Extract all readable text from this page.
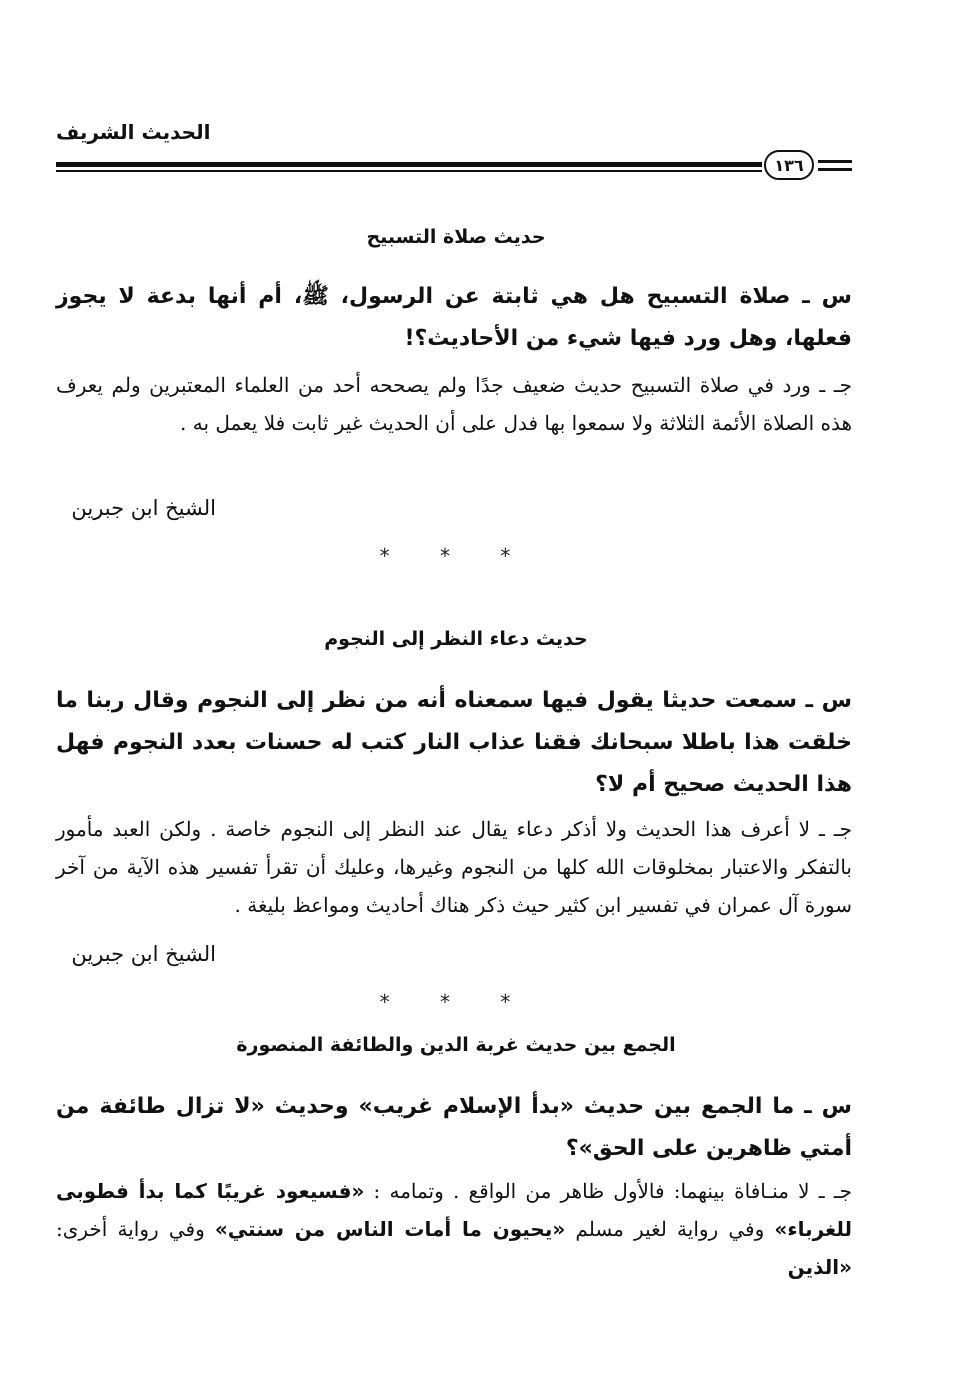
الحديث الشريف
١٣٦
حديث صلاة التسبيح
س ـ صلاة التسبيح هل هي ثابتة عن الرسول، ﷺ، أم أنها بدعة لا يجوز فعلها، وهل ورد فيها شيء من الأحاديث؟!
جـ ـ ورد في صلاة التسبيح حديث ضعيف جدًا ولم يصححه أحد من العلماء المعتبرين ولم يعرف هذه الصلاة الأئمة الثلاثة ولا سمعوا بها فدل على أن الحديث غير ثابت فلا يعمل به .
الشيخ ابن جبرين
* * *
حديث دعاء النظر إلى النجوم
س ـ سمعت حديثا يقول فيها سمعناه أنه من نظر إلى النجوم وقال ربنا ما خلقت هذا باطلا سبحانك فقنا عذاب النار كتب له حسنات بعدد النجوم فهل هذا الحديث صحيح أم لا؟
جـ ـ لا أعرف هذا الحديث ولا أذكر دعاء يقال عند النظر إلى النجوم خاصة . ولكن العبد مأمور بالتفكر والاعتبار بمخلوقات الله كلها من النجوم وغيرها، وعليك أن تقرأ تفسير هذه الآية من آخر سورة آل عمران في تفسير ابن كثير حيث ذكر هناك أحاديث ومواعظ بليغة .
الشيخ ابن جبرين
* * *
الجمع بين حديث غربة الدين والطائفة المنصورة
س ـ ما الجمع بين حديث «بدأ الإسلام غريب» وحديث «لا تزال طائفة من أمتي ظاهرين على الحق»؟
جـ ـ لا منـافاة بينهما: فالأول ظاهر من الواقع . وتمامه : «فسيعود غريبًا كما بدأ فطوبى للغرباء» وفي رواية لغير مسلم «يحيون ما أمات الناس من سنتي» وفي رواية أخرى: «الذين
